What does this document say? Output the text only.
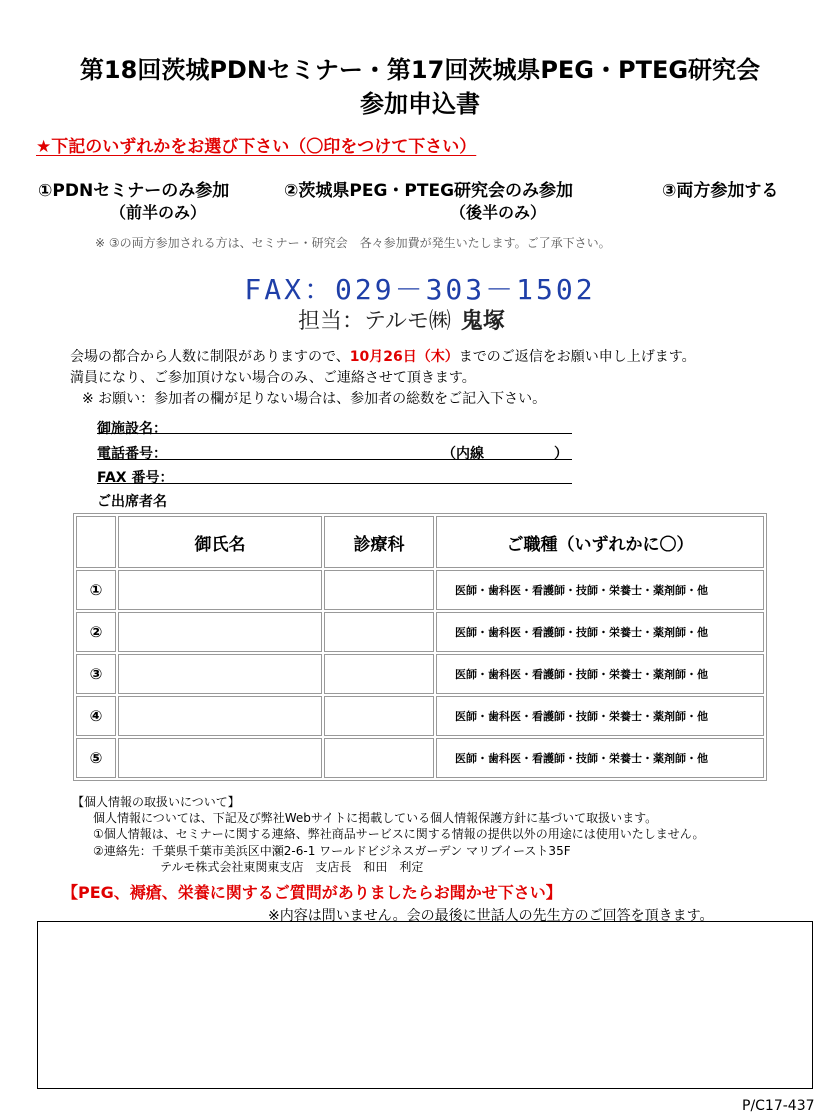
第18回茨城PDNセミナー・第17回茨城県PEG・PTEG研究会
参加申込書
★下記のいずれかをお選び下さい（〇印をつけて下さい）
①PDNセミナーのみ参加
（前半のみ）
②茨城県PEG・PTEG研究会のみ参加
（後半のみ）
③両方参加する
※ ③の両方参加される方は、セミナー・研究会　各々参加費が発生いたします。ご了承下さい。
FAX：029－303－1502
担当：テルモ㈱ 鬼塚
会場の都合から人数に制限がありますので、10月26日（木）までのご返信をお願い申し上げます。
満員になり、ご参加頂けない場合のみ、ご連絡させて頂きます。
※ お願い：参加者の欄が足りない場合は、参加者の総数をご記入下さい。
御施設名：
電話番号：	（内線　　　　　）
FAX 番号：
ご出席者名
	御氏名	診療科	ご職種（いずれかに〇）
①			医師・歯科医・看護師・技師・栄養士・薬剤師・他
②			医師・歯科医・看護師・技師・栄養士・薬剤師・他
③			医師・歯科医・看護師・技師・栄養士・薬剤師・他
④			医師・歯科医・看護師・技師・栄養士・薬剤師・他
⑤			医師・歯科医・看護師・技師・栄養士・薬剤師・他
【個人情報の取扱いについて】
個人情報については、下記及び弊社Webサイトに掲載している個人情報保護方針に基づいて取扱います。
①個人情報は、セミナーに関する連絡、弊社商品サービスに関する情報の提供以外の用途には使用いたしません。
②連絡先：千葉県千葉市美浜区中瀬2-6-1 ワールドビジネスガーデン マリブイースト35F
テルモ株式会社東関東支店　支店長　和田　利定
【PEG、褥瘡、栄養に関するご質問がありましたらお聞かせ下さい】
※内容は問いません。会の最後に世話人の先生方のご回答を頂きます。
P/C17-437
